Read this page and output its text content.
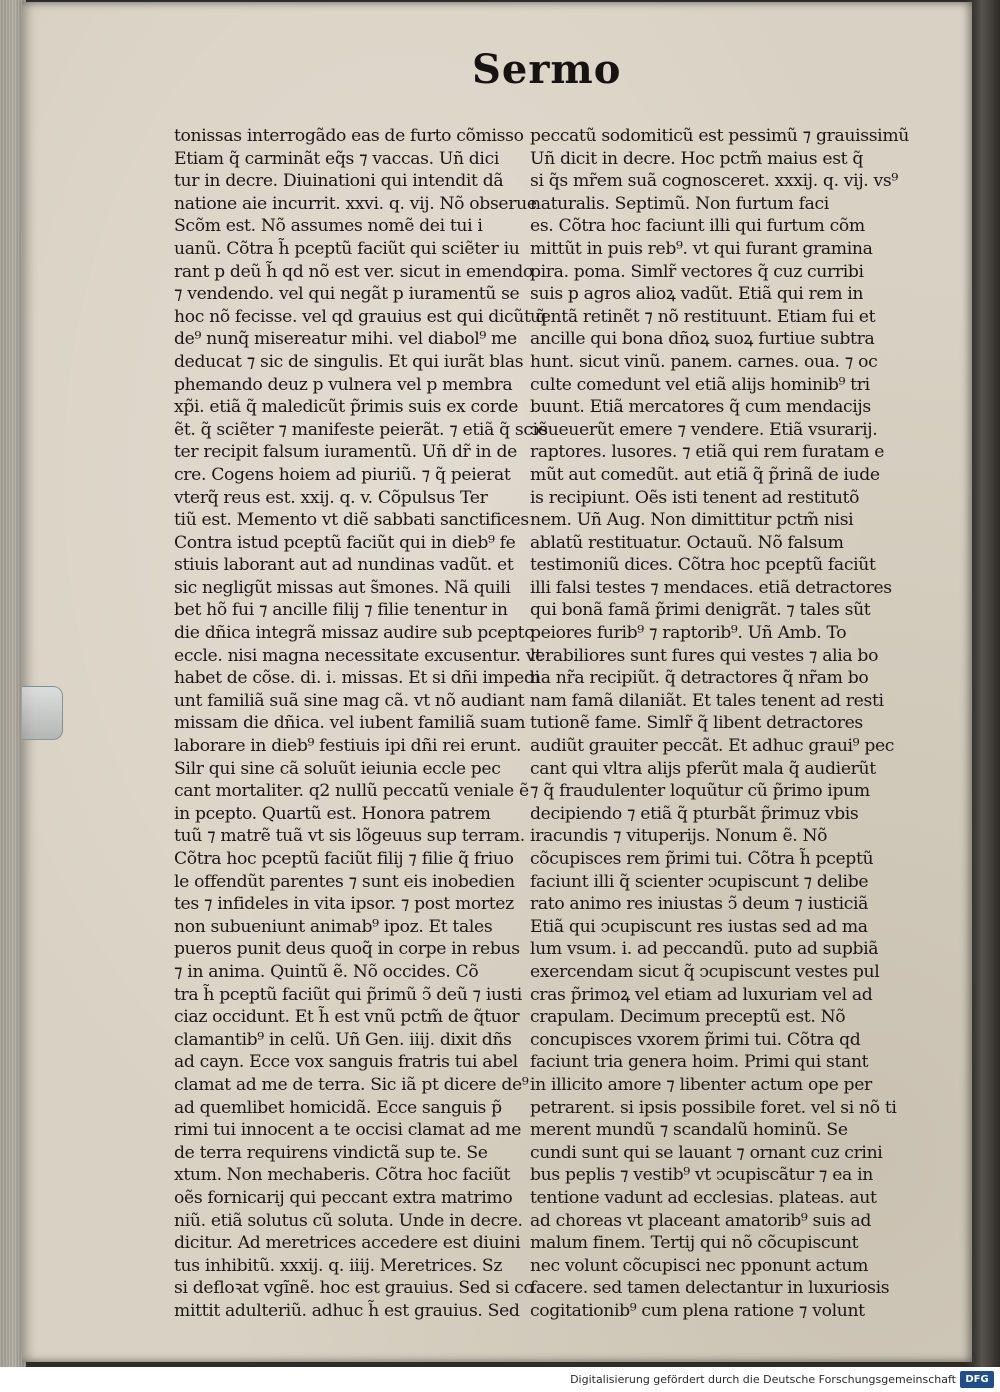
Sermo
tonissas interrogãdo eas de furto cõmisso
Etiam q̃ carminãt eq̃s ⁊ vaccas. Uñ dici
tur in decre. Diuinationi qui intendit dã
natione aie incurrit. xxvi. q. vij. Nõ obserue
Scõm est. Nõ assumes nomẽ dei tui i
uanũ. Cõtra h̃ pceptũ faciũt qui sciẽter iu
rant p deũ h̃ qd nõ est ver. sicut in emendo
⁊ vendendo. vel qui negãt p iuramentũ se
hoc nõ fecisse. vel qd grauius est qui dicũt q̃
de⁹ nunq̃ misereatur mihi. vel diabol⁹ me
deducat ⁊ sic de singulis. Et qui iurãt blas
phemando deuz p vulnera vel p membra
xp̃i. etiã q̃ maledicũt p̃rimis suis ex corde
ẽt. q̃ sciẽter ⁊ manifeste peierãt. ⁊ etiã q̃ sciẽ
ter recipit falsum iuramentũ. Uñ dr̃ in de
cre. Cogens hoiem ad piuriũ. ⁊ q̃ peierat
vterq̃ reus est. xxij. q. v. Cõpulsus Ter
tiũ est. Memento vt diẽ sabbati sanctifices
Contra istud pceptũ faciũt qui in dieb⁹ fe
stiuis laborant aut ad nundinas vadũt. et
sic negligũt missas aut s̃mones. Nã quili
bet hõ fui ⁊ ancille filij ⁊ filie tenentur in
die dñica integrã missaz audire sub pcepto
eccle. nisi magna necessitate excusentur. vt
habet de cõse. di. i. missas. Et si dñi impedi
unt familiã suã sine mag cã. vt nõ audiant
missam die dñica. vel iubent familiã suam
laborare in dieb⁹ festiuis ipi dñi rei erunt.
Silr qui sine cã soluũt ieiunia eccle pec
cant mortaliter. q2 nullũ peccatũ veniale ẽ
in pcepto. Quartũ est. Honora patrem
tuũ ⁊ matrẽ tuã vt sis lõgeuus sup terram.
Cõtra hoc pceptũ faciũt filij ⁊ filie q̃ friuo
le offendũt parentes ⁊ sunt eis inobedien
tes ⁊ infideles in vita ipsor. ⁊ post mortez
non subueniunt animab⁹ ipoz. Et tales
pueros punit deus quoq̃ in corpe in rebus
⁊ in anima. Quintũ ẽ. Nõ occides. Cõ
tra h̃ pceptũ faciũt qui p̃rimũ ↄ̃ deũ ⁊ iusti
ciaz occidunt. Et h̃ est vnũ pctm̃ de q̃tuor
clamantib⁹ in celũ. Uñ Gen. iiij. dixit dñs
ad cayn. Ecce vox sanguis fratris tui abel
clamat ad me de terra. Sic iã pt dicere de⁹
ad quemlibet homicidã. Ecce sanguis p̃
rimi tui innocent a te occisi clamat ad me
de terra requirens vindictã sup te. Se
xtum. Non mechaberis. Cõtra hoc faciũt
oẽs fornicarij qui peccant extra matrimo
niũ. etiã solutus cũ soluta. Unde in decre.
dicitur. Ad meretrices accedere est diuini
tus inhibitũ. xxxij. q. iiij. Meretrices. Sz
si defloꝛat vgĩnẽ. hoc est grauius. Sed si co
mittit adulteriũ. adhuc h̃ est grauius. Sed
peccatũ sodomiticũ est pessimũ ⁊ grauissimũ
Uñ dicit in decre. Hoc pctm̃ maius est q̃
si q̃s mr̃em suã cognosceret. xxxij. q. vij. vs⁹
naturalis. Septimũ. Non furtum faci
es. Cõtra hoc faciunt illi qui furtum cõm
mittũt in puis reb⁹. vt qui furant gramina
pira. poma. Simlr̃ vectores q̃ cuz curribi
suis p agros alioꝝ vadũt. Etiã qui rem in
uentã retinẽt ⁊ nõ restituunt. Etiam fui et
ancille qui bona dñoꝝ suoꝝ furtiue subtra
hunt. sicut vinũ. panem. carnes. oua. ⁊ oc
culte comedunt vel etiã alijs hominib⁹ tri
buunt. Etiã mercatores q̃ cum mendacijs
ↄsueuerũt emere ⁊ vendere. Etiã vsurarij.
raptores. lusores. ⁊ etiã qui rem furatam e
mũt aut comedũt. aut etiã q̃ p̃rinã de iude
is recipiunt. Oẽs isti tenent ad restitutõ
nem. Uñ Aug. Non dimittitur pctm̃ nisi
ablatũ restituatur. Octauũ. Nõ falsum
testimoniũ dices. Cõtra hoc pceptũ faciũt
illi falsi testes ⁊ mendaces. etiã detractores
qui bonã famã p̃rimi denigrãt. ⁊ tales sũt
peiores furib⁹ ⁊ raptorib⁹. Uñ Amb. To
lerabiliores sunt fures qui vestes ⁊ alia bo
na nr̃a recipiũt. q̃ detractores q̃ nr̃am bo
nam famã dilaniãt. Et tales tenent ad resti
tutionẽ fame. Simlr̃ q̃ libent detractores
audiũt grauiter peccãt. Et adhuc graui⁹ pec
cant qui vltra alijs pferũt mala q̃ audierũt
⁊ q̃ fraudulenter loquũtur cũ p̃rimo ipum
decipiendo ⁊ etiã q̃ pturbãt p̃rimuz vbis
iracundis ⁊ vituperijs. Nonum ẽ. Nõ
cõcupisces rem p̃rimi tui. Cõtra h̃ pceptũ
faciunt illi q̃ scienter ↄcupiscunt ⁊ delibe
rato animo res iniustas ↄ̃ deum ⁊ iusticiã
Etiã qui ↄcupiscunt res iustas sed ad ma
lum vsum. i. ad peccandũ. puto ad supbiã
exercendam sicut q̃ ↄcupiscunt vestes pul
cras p̃rimoꝝ vel etiam ad luxuriam vel ad
crapulam. Decimum preceptũ est. Nõ
concupisces vxorem p̃rimi tui. Cõtra qd
faciunt tria genera hoim. Primi qui stant
in illicito amore ⁊ libenter actum ope per
petrarent. si ipsis possibile foret. vel si nõ ti
merent mundũ ⁊ scandalũ hominũ. Se
cundi sunt qui se lauant ⁊ ornant cuz crini
bus peplis ⁊ vestib⁹ vt ↄcupiscãtur ⁊ ea in
tentione vadunt ad ecclesias. plateas. aut
ad choreas vt placeant amatorib⁹ suis ad
malum finem. Tertij qui nõ cõcupiscunt
nec volunt cõcupisci nec pponunt actum
facere. sed tamen delectantur in luxuriosis
cogitationib⁹ cum plena ratione ⁊ volunt
Digitalisierung gefördert durch die Deutsche Forschungsgemeinschaft DFG
